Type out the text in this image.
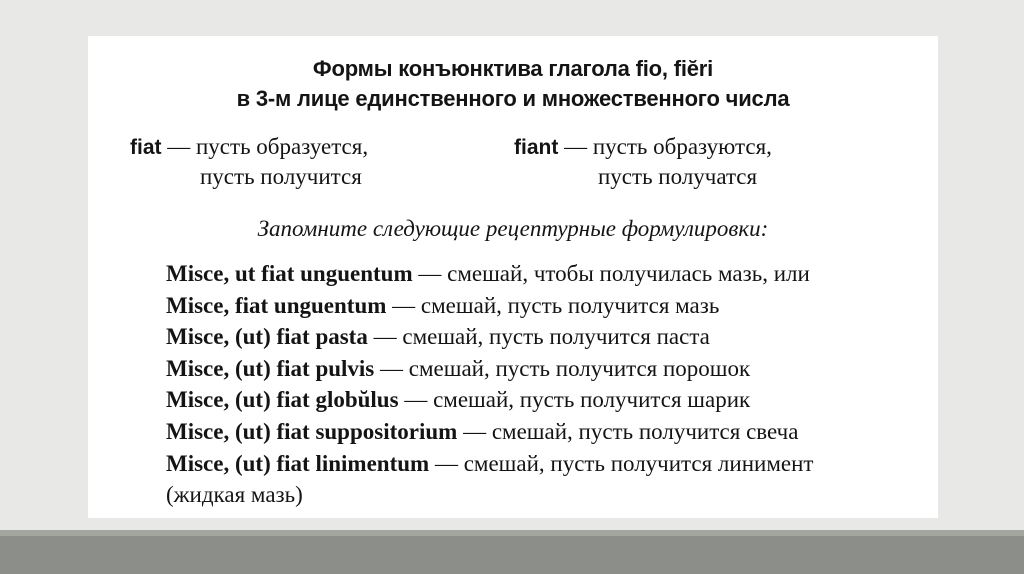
Формы конъюнктива глагола fio, fiĕri
в 3-м лице единственного и множественного числа
fiat — пусть образуется,
пусть получится
fiant — пусть образуются,
пусть получатся
Запомните следующие рецептурные формулировки:
Misce, ut fiat unguentum — смешай, чтобы получилась мазь, или
Misce, fiat unguentum — смешай, пусть получится мазь
Misce, (ut) fiat pasta — смешай, пусть получится паста
Misce, (ut) fiat pulvis — смешай, пусть получится порошок
Misce, (ut) fiat globŭlus — смешай, пусть получится шарик
Misce, (ut) fiat suppositorium — смешай, пусть получится свеча
Misce, (ut) fiat linimentum — смешай, пусть получится линимент
(жидкая мазь)
